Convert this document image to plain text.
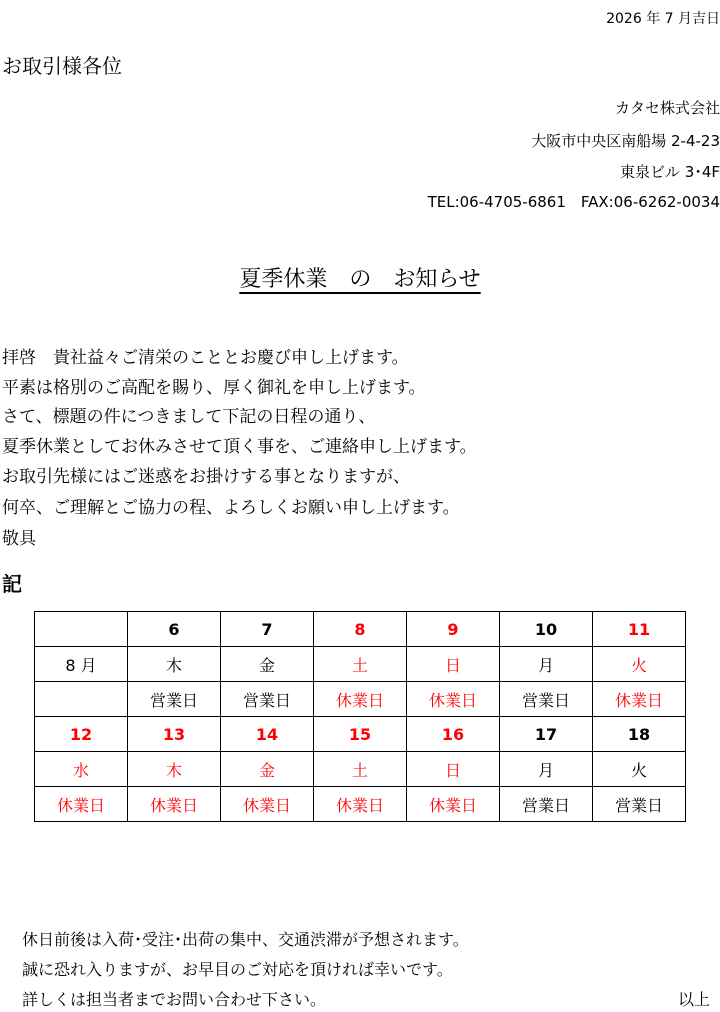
2026 年 7 月吉日
お取引様各位
カタセ株式会社
大阪市中央区南船場 2-4-23
東泉ビル 3･4F
TEL:06-4705-6861　FAX:06-6262-0034
夏季休業　の　お知らせ
拝啓　貴社益々ご清栄のこととお慶び申し上げます。
平素は格別のご高配を賜り、厚く御礼を申し上げます。
さて、標題の件につきまして下記の日程の通り、
夏季休業としてお休みさせて頂く事を、ご連絡申し上げます。
お取引先様にはご迷惑をお掛けする事となりますが、
何卒、ご理解とご協力の程、よろしくお願い申し上げます。
敬具
記
	6	7	8	9	10	11
8 月	木	金	土	日	月	火
	営業日	営業日	休業日	休業日	営業日	休業日
12	13	14	15	16	17	18
水	木	金	土	日	月	火
休業日	休業日	休業日	休業日	休業日	営業日	営業日
休日前後は入荷･受注･出荷の集中、交通渋滞が予想されます。
誠に恐れ入りますが、お早目のご対応を頂ければ幸いです。
詳しくは担当者までお問い合わせ下さい。	以上
